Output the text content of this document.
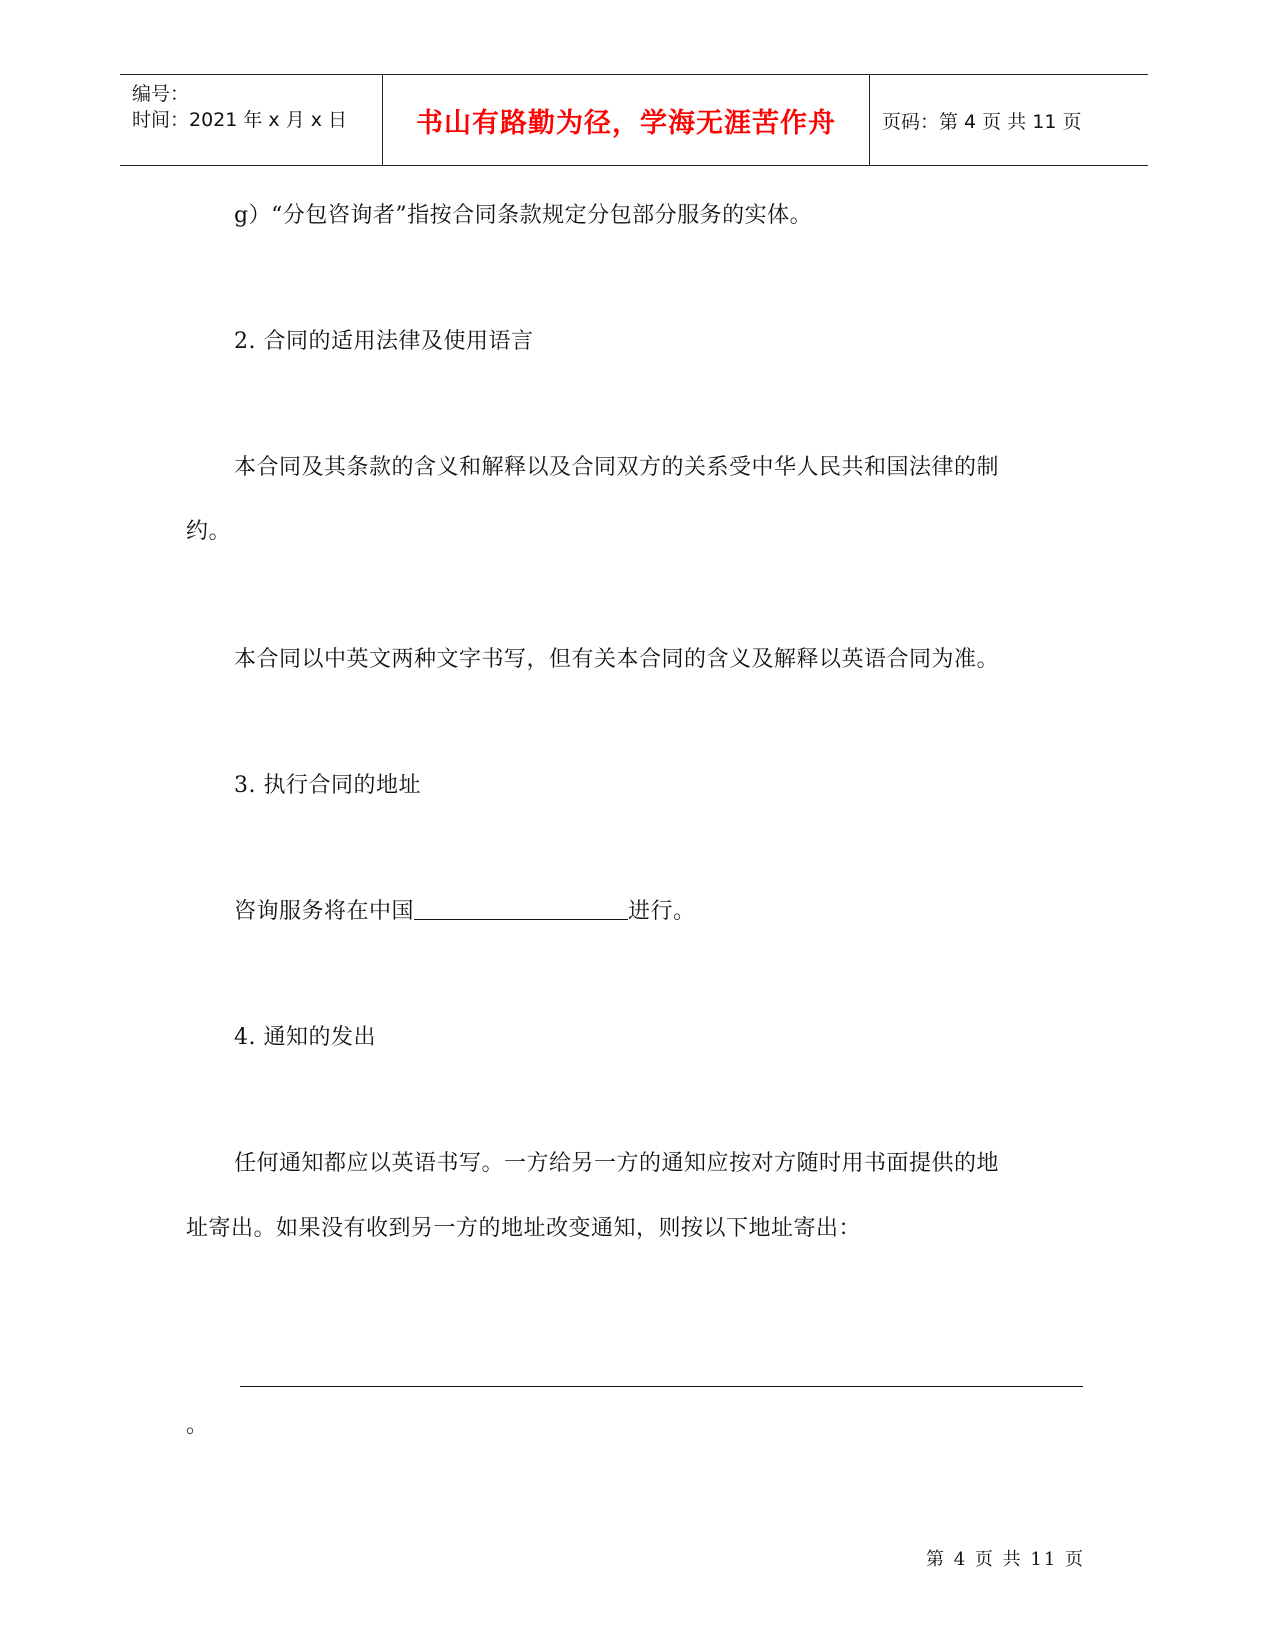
编号：
时间：2021 年 x 月 x 日	书山有路勤为径，学海无涯苦作舟 页码：第 4 页 共 11 页
g）“分包咨询者”指按合同条款规定分包部分服务的实体。
2. 合同的适用法律及使用语言
本合同及其条款的含义和解释以及合同双方的关系受中华人民共和国法律的制
约。
本合同以中英文两种文字书写，但有关本合同的含义及解释以英语合同为准。
3. 执行合同的地址
咨询服务将在中国	进行。
4. 通知的发出
任何通知都应以英语书写。一方给另一方的通知应按对方随时用书面提供的地
址寄出。如果没有收到另一方的地址改变通知，则按以下地址寄出：
。
第 4 页 共 11 页
